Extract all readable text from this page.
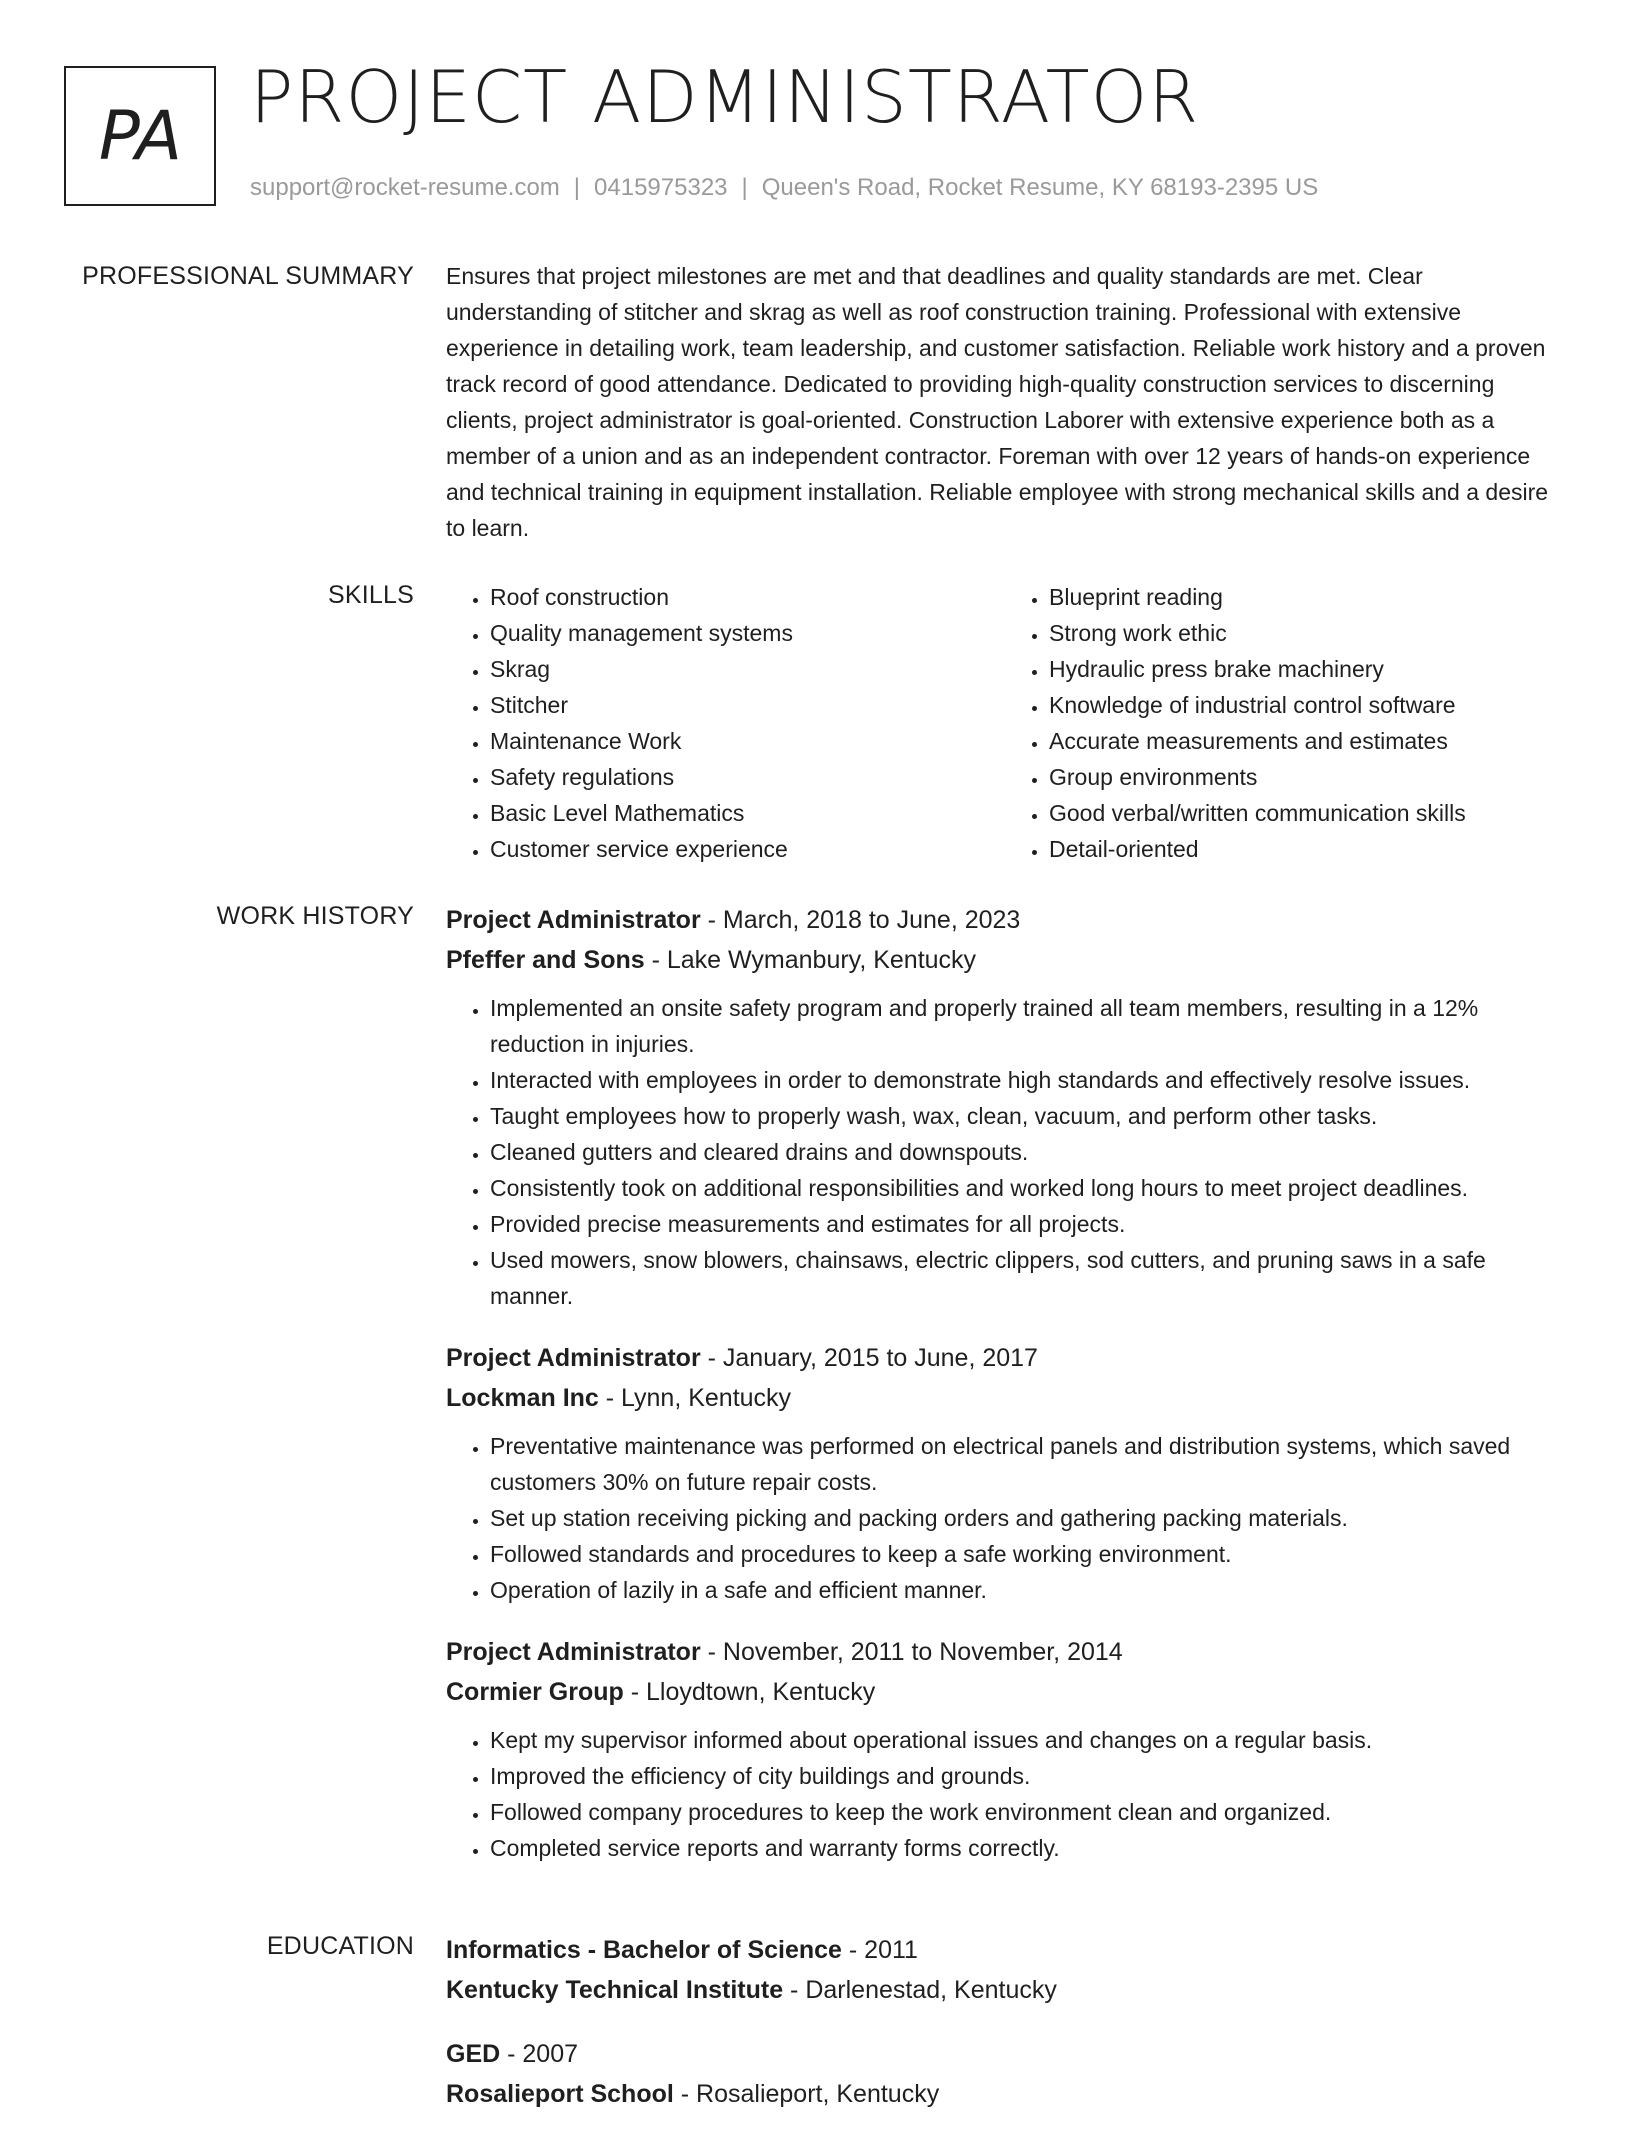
PA PROJECT ADMINISTRATOR
support@rocket-resume.com | 0415975323 | Queen's Road, Rocket Resume, KY 68193-2395 US
PROFESSIONAL SUMMARY Ensures that project milestones are met and that deadlines and quality standards are met. Clear understanding of stitcher and skrag as well as roof construction training. Professional with extensive experience in detailing work, team leadership, and customer satisfaction. Reliable work history and a proven track record of good attendance. Dedicated to providing high-quality construction services to discerning clients, project administrator is goal-oriented. Construction Laborer with extensive experience both as a member of a union and as an independent contractor. Foreman with over 12 years of hands-on experience and technical training in equipment installation. Reliable employee with strong mechanical skills and a desire to learn.

SKILLS
•	Roof construction
• Quality management systems
• Skrag
• Stitcher
• Maintenance Work
• Safety regulations
• Basic Level Mathematics
• Customer service experience
• Blueprint reading
• Strong work ethic
• Hydraulic press brake machinery
• Knowledge of industrial control software
• Accurate measurements and estimates
• Group environments
• Good verbal/written communication skills
• Detail-oriented
WORK HISTORY Project Administrator - March, 2018 to June, 2023
Pfeffer and Sons - Lake Wymanbury, Kentucky
• Implemented an onsite safety program and properly trained all team members, resulting in a 12% reduction in injuries.
• Interacted with employees in order to demonstrate high standards and effectively resolve issues.
• Taught employees how to properly wash, wax, clean, vacuum, and perform other tasks.
• Cleaned gutters and cleared drains and downspouts.
• Consistently took on additional responsibilities and worked long hours to meet project deadlines.
• Provided precise measurements and estimates for all projects.
• Used mowers, snow blowers, chainsaws, electric clippers, sod cutters, and pruning saws in a safe manner.
Project Administrator - January, 2015 to June, 2017
Lockman Inc - Lynn, Kentucky
• Preventative maintenance was performed on electrical panels and distribution systems, which saved customers 30% on future repair costs.
• Set up station receiving picking and packing orders and gathering packing materials.
• Followed standards and procedures to keep a safe working environment.
• Operation of lazily in a safe and efficient manner.
Project Administrator - November, 2011 to November, 2014
Cormier Group - Lloydtown, Kentucky
• Kept my supervisor informed about operational issues and changes on a regular basis.
• Improved the efficiency of city buildings and grounds.
• Followed company procedures to keep the work environment clean and organized.
• Completed service reports and warranty forms correctly.
EDUCATION Informatics - Bachelor of Science - 2011
Kentucky Technical Institute - Darlenestad, Kentucky
GED - 2007
Rosalieport School - Rosalieport, Kentucky
